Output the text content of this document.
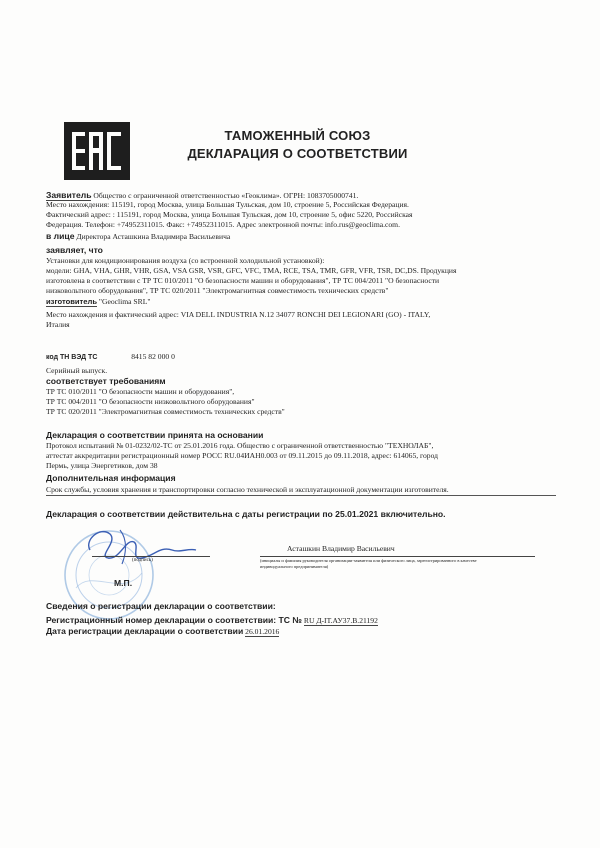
ТАМОЖЕННЫЙ СОЮЗ
ДЕКЛАРАЦИЯ О СООТВЕТСТВИИ
Заявитель Общество с ограниченной ответственностью «Геоклима». ОГРН: 1083705000741.
Место нахождения: 115191, город Москва, улица Большая Тульская, дом 10, строение 5, Российская Федерация.
Фактический адрес: : 115191, город Москва, улица Большая Тульская, дом 10, строение 5, офис 5220, Российская
Федерация. Телефон: +74952311015. Факс: +74952311015. Адрес электронной почты: info.rus@geoclima.com.
в лице Директора Асташкина Владимира Васильевича
заявляет, что
Установки для кондиционирования воздуха (со встроенной холодильной установкой):
модели: GHA, VHA, GHR, VHR, GSA, VSA GSR, VSR, GFC, VFC, TMA, RCE, TSA, TMR, GFR, VFR, TSR, DC,DS. Продукция
изготовлена в соответствии с ТР ТС 010/2011 "О безопасности машин и оборудования", ТР ТС 004/2011 "О безопасности
низковольтного оборудования", ТР ТС 020/2011 "Электромагнитная совместимость технических средств"
изготовитель "Geoclima SRL"
Место нахождения и фактический адрес: VIA DELL INDUSTRIA N.12 34077 RONCHI DEI LEGIONARI (GO) - ITALY,
Италия
код ТН ВЭД ТС	8415 82 000 0
Серийный выпуск.
соответствует требованиям
ТР ТС 010/2011 "О безопасности машин и оборудования",
ТР ТС 004/2011 "О безопасности низковольтного оборудования"
ТР ТС 020/2011 "Электромагнитная совместимость технических средств"
Декларация о соответствии принята на основании
Протокол испытаний № 01-0232/02-ТС от 25.01.2016 года. Общество с ограниченной ответственностью "ТЕХНОЛАБ",
аттестат аккредитации регистрационный номер РОСС RU.04ИАН0.003 от 09.11.2015 до 09.11.2018, адрес: 614065, город
Пермь, улица Энергетиков, дом 38
Дополнительная информация
Срок службы, условия хранения и транспортировки согласно технической и эксплуатационной документации изготовителя.
Декларация о соответствии действительна с даты регистрации по 25.01.2021 включительно.
(подпись)
Асташкин Владимир Васильевич
(инициалы и фамилия руководителя организации-заявителя или физического лица, зарегистрированного в качестве
индивидуального предпринимателя)
М.П.
Сведения о регистрации декларации о соответствии:
Регистрационный номер декларации о соответствии: ТС № RU Д-IT.АУ37.В.21192
Дата регистрации декларации о соответствии 26.01.2016
